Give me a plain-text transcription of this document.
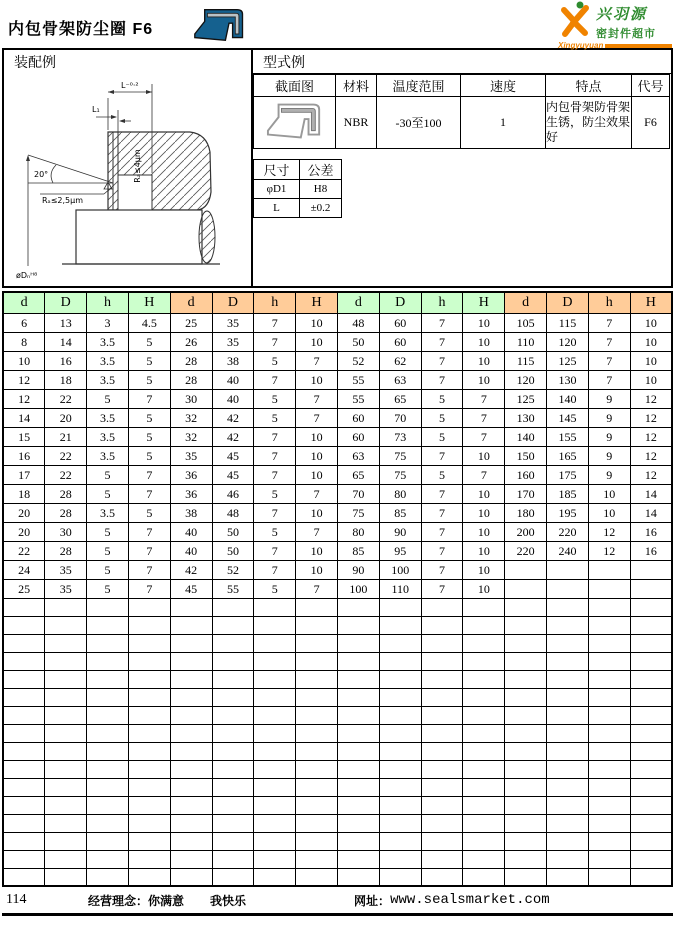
内包骨架防尘圈 F6
兴羽源
密封件超市
Xingyuyuan
装配例
L⁻⁰·²
L₁
Rₐ≤4μm
20°
øDₙᴴ⁸
Rₐ≤2,5μm
型式例
截面图	材料	温度范围	速度	特点	代号
	NBR	-30至100	1	内包骨架防骨架生锈，防尘效果好	F6
尺寸	公差
φD1	H8
L	±0.2
d	D	h	H	d	D	h	H	d	D	h	H	d	D	h	H
6	13	3	4.5	25	35	7	10	48	60	7	10	105	115	7	10
8	14	3.5	5	26	35	7	10	50	60	7	10	110	120	7	10
10	16	3.5	5	28	38	5	7	52	62	7	10	115	125	7	10
12	18	3.5	5	28	40	7	10	55	63	7	10	120	130	7	10
12	22	5	7	30	40	5	7	55	65	5	7	125	140	9	12
14	20	3.5	5	32	42	5	7	60	70	5	7	130	145	9	12
15	21	3.5	5	32	42	7	10	60	73	5	7	140	155	9	12
16	22	3.5	5	35	45	7	10	63	75	7	10	150	165	9	12
17	22	5	7	36	45	7	10	65	75	5	7	160	175	9	12
18	28	5	7	36	46	5	7	70	80	7	10	170	185	10	14
20	28	3.5	5	38	48	7	10	75	85	7	10	180	195	10	14
20	30	5	7	40	50	5	7	80	90	7	10	200	220	12	16
22	28	5	7	40	50	7	10	85	95	7	10	220	240	12	16
24	35	5	7	42	52	7	10	90	100	7	10				
25	35	5	7	45	55	5	7	100	110	7	10				

114	经营理念：你满意 我快乐	网址： www.sealsmarket.com
